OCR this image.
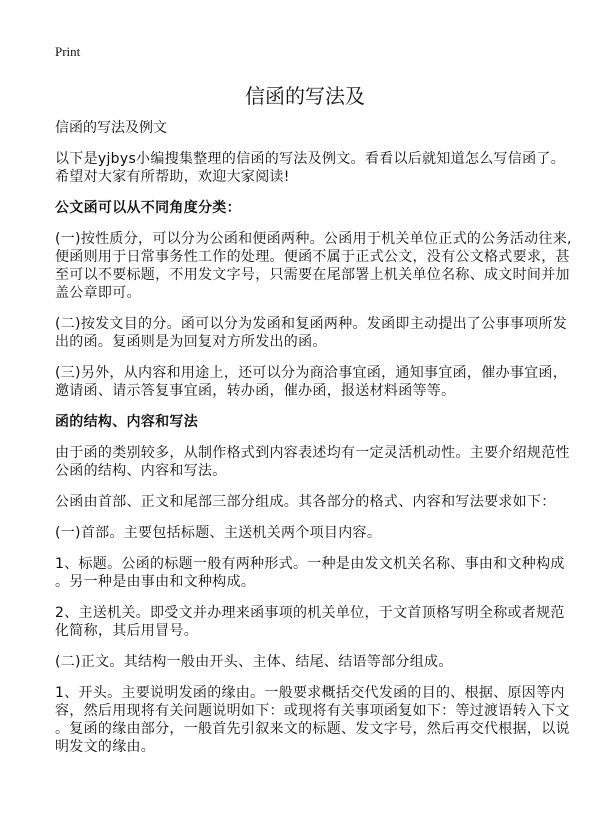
Print
信函的写法及
信函的写法及例文
以下是yjbys小编搜集整理的信函的写法及例文。看看以后就知道怎么写信函了。
希望对大家有所帮助，欢迎大家阅读!
公文函可以从不同角度分类：
(一)按性质分，可以分为公函和便函两种。公函用于机关单位正式的公务活动往来,
便函则用于日常事务性工作的处理。便函不属于正式公文，没有公文格式要求，甚
至可以不要标题，不用发文字号，只需要在尾部署上机关单位名称、成文时间并加
盖公章即可。
(二)按发文目的分。函可以分为发函和复函两种。发函即主动提出了公事事项所发
出的函。复函则是为回复对方所发出的函。
(三)另外，从内容和用途上，还可以分为商洽事宜函，通知事宜函，催办事宜函，
邀请函、请示答复事宜函，转办函，催办函，报送材料函等等。
函的结构、内容和写法
由于函的类别较多，从制作格式到内容表述均有一定灵活机动性。主要介绍规范性
公函的结构、内容和写法。
公函由首部、正文和尾部三部分组成。其各部分的格式、内容和写法要求如下：
(一)首部。主要包括标题、主送机关两个项目内容。
1、标题。公函的标题一般有两种形式。一种是由发文机关名称、事由和文种构成
。另一种是由事由和文种构成。
2、主送机关。即受文并办理来函事项的机关单位，于文首顶格写明全称或者规范
化简称，其后用冒号。
(二)正文。其结构一般由开头、主体、结尾、结语等部分组成。
1、开头。主要说明发函的缘由。一般要求概括交代发函的目的、根据、原因等内
容，然后用现将有关问题说明如下：或现将有关事项函复如下：等过渡语转入下文
。复函的缘由部分，一般首先引叙来文的标题、发文字号，然后再交代根据，以说
明发文的缘由。
